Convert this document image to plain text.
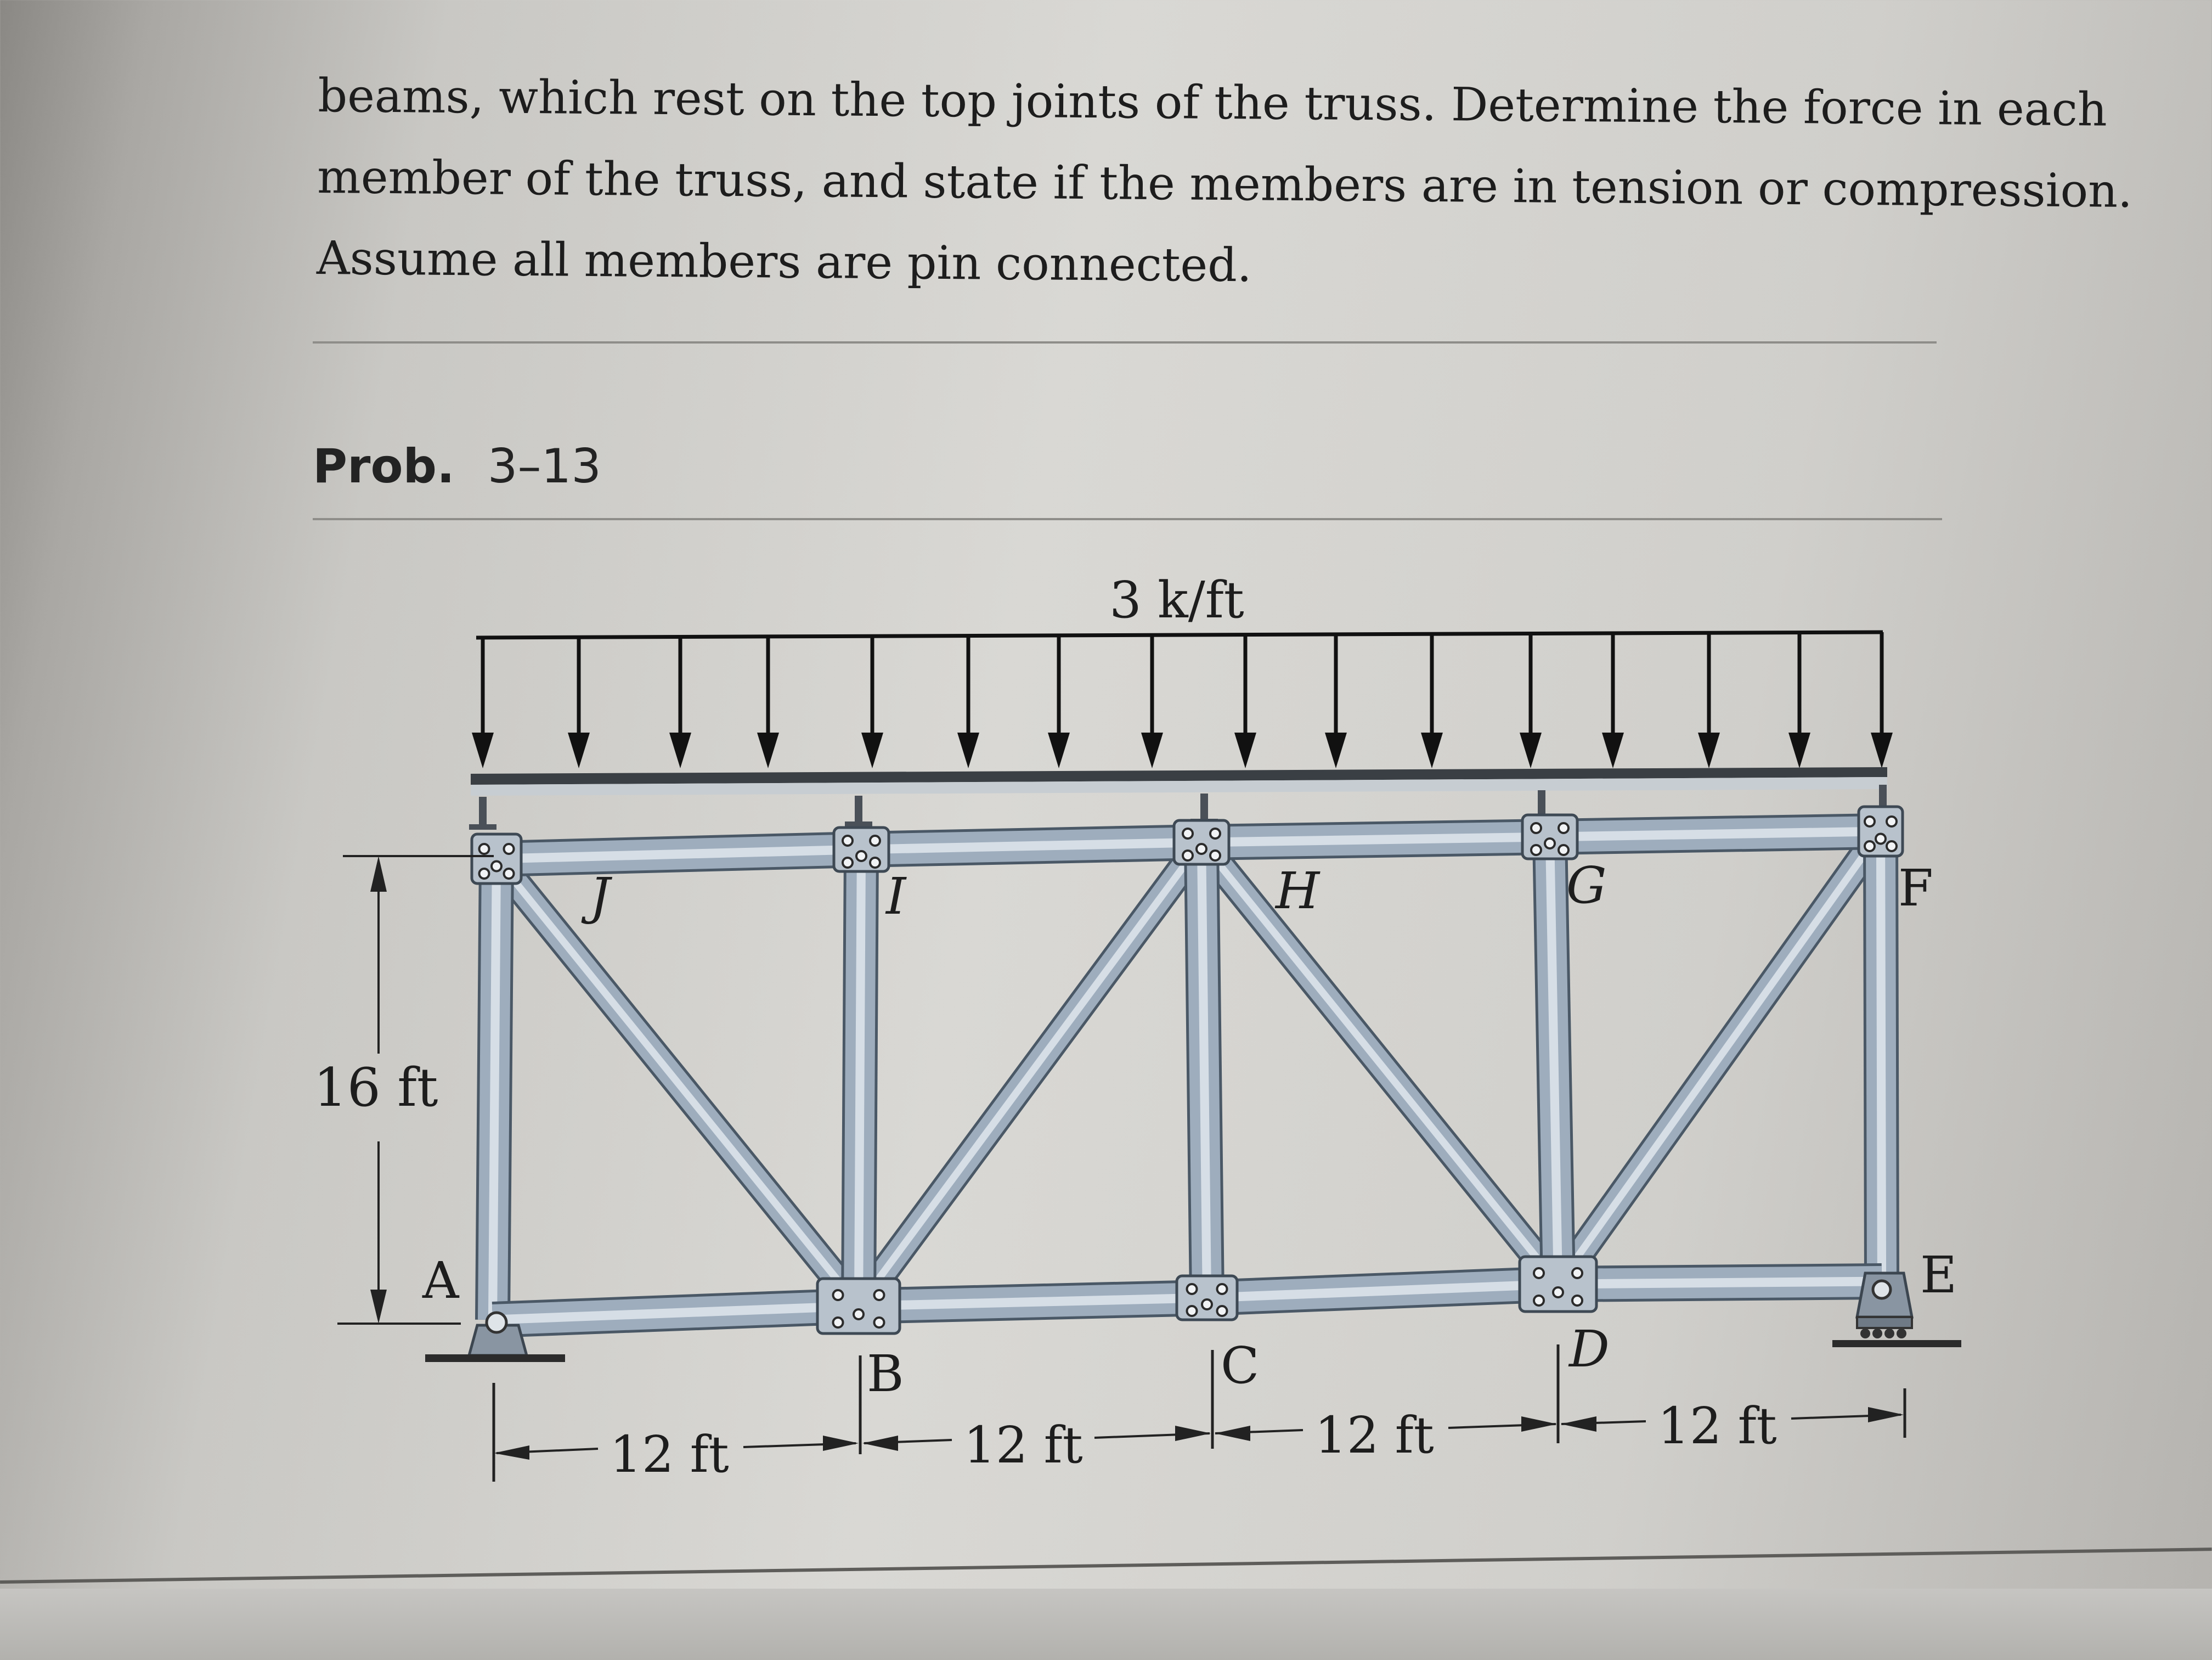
beams, which rest on the top joints of the truss. Determine the force in each
member of the truss, and state if the members are in tension or compression.
Assume all members are pin connected.
Prob. 3–13
16 ft
3 k/ft
J	I	H	G	F
A
B	C	D
E
12 ft	12 ft	12 ft	12 ft
